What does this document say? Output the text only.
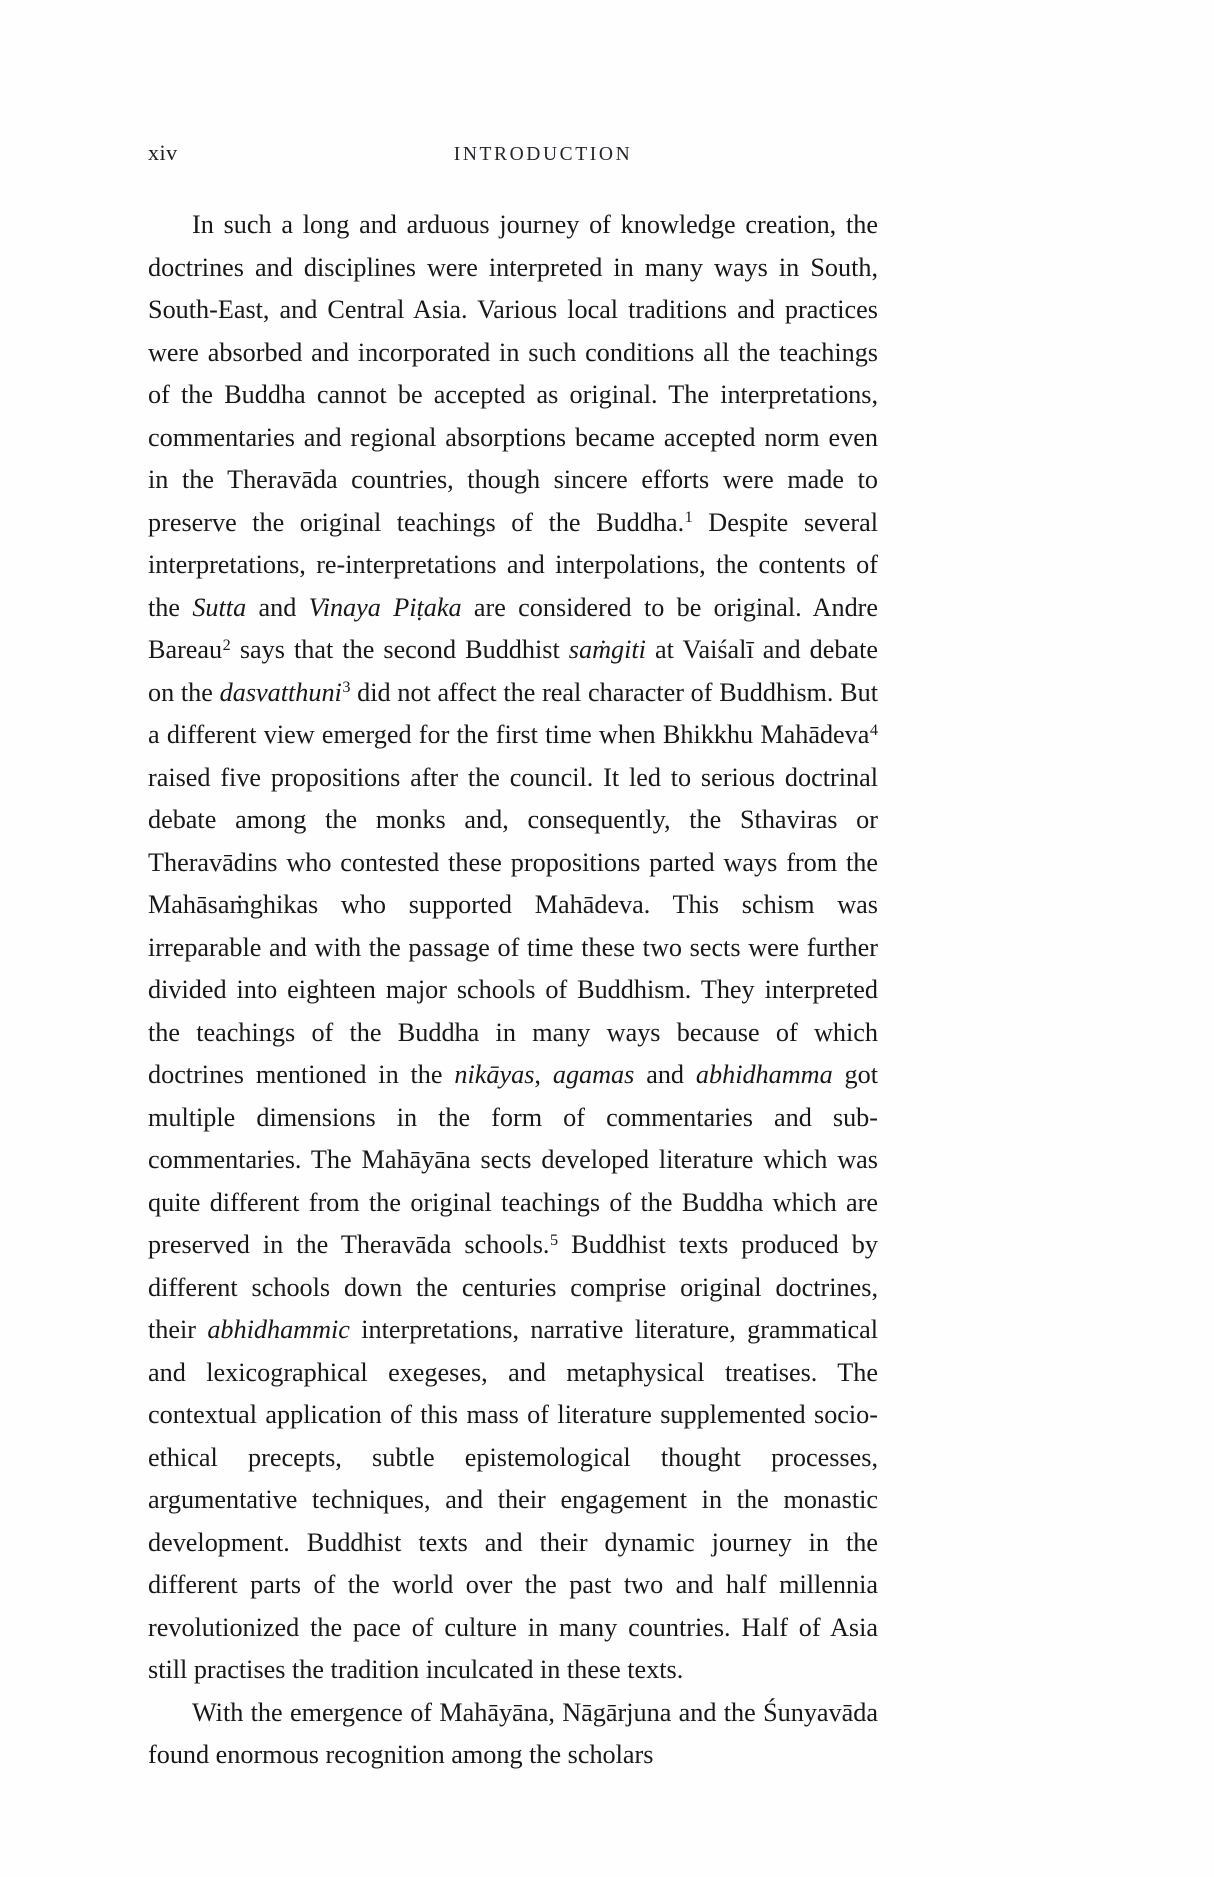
xiv	INTRODUCTION

In such a long and arduous journey of knowledge creation, the doctrines and disciplines were interpreted in many ways in South, South-East, and Central Asia. Various local traditions and practices were absorbed and incorporated in such conditions all the teachings of the Buddha cannot be accepted as original. The interpretations, commentaries and regional absorptions became accepted norm even in the Theravāda countries, though sincere efforts were made to preserve the original teachings of the Buddha.$^1$ Despite several interpretations, re-interpretations and interpolations, the contents of the Sutta and Vinaya Piṭaka are considered to be original. Andre Bareau$^2$ says that the second Buddhist saṁgiti at Vaiśalī and debate on the dasvatthuni$^3$ did not affect the real character of Buddhism. But a different view emerged for the first time when Bhikkhu Mahādeva$^4$ raised five propositions after the council. It led to serious doctrinal debate among the monks and, consequently, the Sthaviras or Theravādins who contested these propositions parted ways from the Mahāsaṁghikas who supported Mahādeva. This schism was irreparable and with the passage of time these two sects were further divided into eighteen major schools of Buddhism. They interpreted the teachings of the Buddha in many ways because of which doctrines mentioned in the nikāyas, agamas and abhidhamma got multiple dimensions in the form of commentaries and sub-commentaries. The Mahāyāna sects developed literature which was quite different from the original teachings of the Buddha which are preserved in the Theravāda schools.$^5$ Buddhist texts produced by different schools down the centuries comprise original doctrines, their abhidhammic interpretations, narrative literature, grammatical and lexicographical exegeses, and metaphysical treatises. The contextual application of this mass of literature supplemented socio-ethical precepts, subtle epistemological thought processes, argumentative techniques, and their engagement in the monastic development. Buddhist texts and their dynamic journey in the different parts of the world over the past two and half millennia revolutionized the pace of culture in many countries. Half of Asia still practises the tradition inculcated in these texts.

With the emergence of Mahāyāna, Nāgārjuna and the Śunyavāda found enormous recognition among the scholars
